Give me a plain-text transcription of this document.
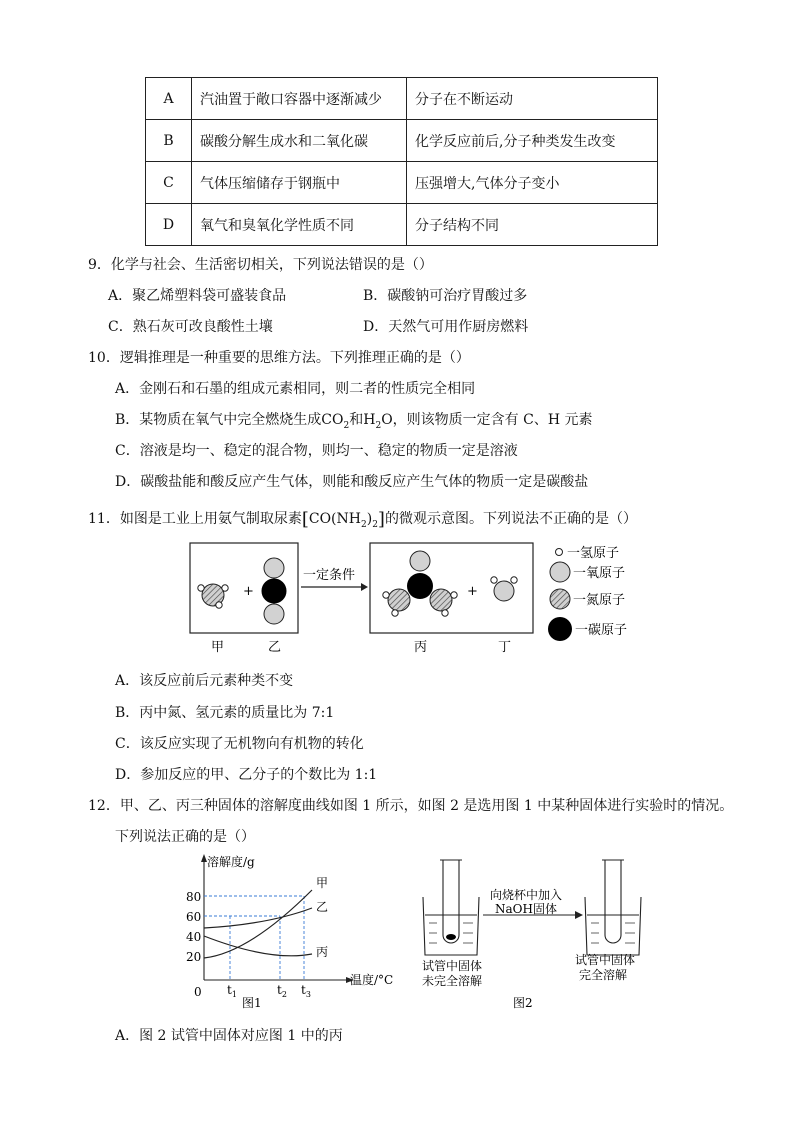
A	汽油置于敞口容器中逐渐减少	分子在不断运动
B	碳酸分解生成水和二氧化碳	化学反应前后,分子种类发生改变
C	气体压缩储存于钢瓶中	压强增大,气体分子变小
D	氧气和臭氧化学性质不同	分子结构不同
9．化学与社会、生活密切相关，下列说法错误的是（）
A．聚乙烯塑料袋可盛装食品	B．碳酸钠可治疗胃酸过多
C．熟石灰可改良酸性土壤	D．天然气可用作厨房燃料
10．逻辑推理是一种重要的思维方法。下列推理正确的是（）
A．金刚石和石墨的组成元素相同，则二者的性质完全相同
B．某物质在氧气中完全燃烧生成$CO_2$和$H_2O$，则该物质一定含有 C、H 元素
C．溶液是均一、稳定的混合物，则均一、稳定的物质一定是溶液
D．碳酸盐能和酸反应产生气体，则能和酸反应产生气体的物质一定是碳酸盐
11．如图是工业上用氨气制取尿素$[CO(NH_2)_2]$的微观示意图。下列说法不正确的是（）
+
一定条件
+
甲	乙	丙	丁
一氢原子
一氧原子
一氮原子
一碳原子
A．该反应前后元素种类不变
B．丙中氮、氢元素的质量比为 7:1
C．该反应实现了无机物向有机物的转化
D．参加反应的甲、乙分子的个数比为 1:1
12．甲、乙、丙三种固体的溶解度曲线如图 1 所示，如图 2 是选用图 1 中某种固体进行实验时的情况。
下列说法正确的是（）
溶解度/g
温度/°C
80
60
40
20
0
甲
乙
丙
$t_1$	$t_2$ $t_3$
图1
向烧杯中加入
NaOH固体
试管中固体
未完全溶解
试管中固体
完全溶解
图2
A．图 2 试管中固体对应图 1 中的丙
